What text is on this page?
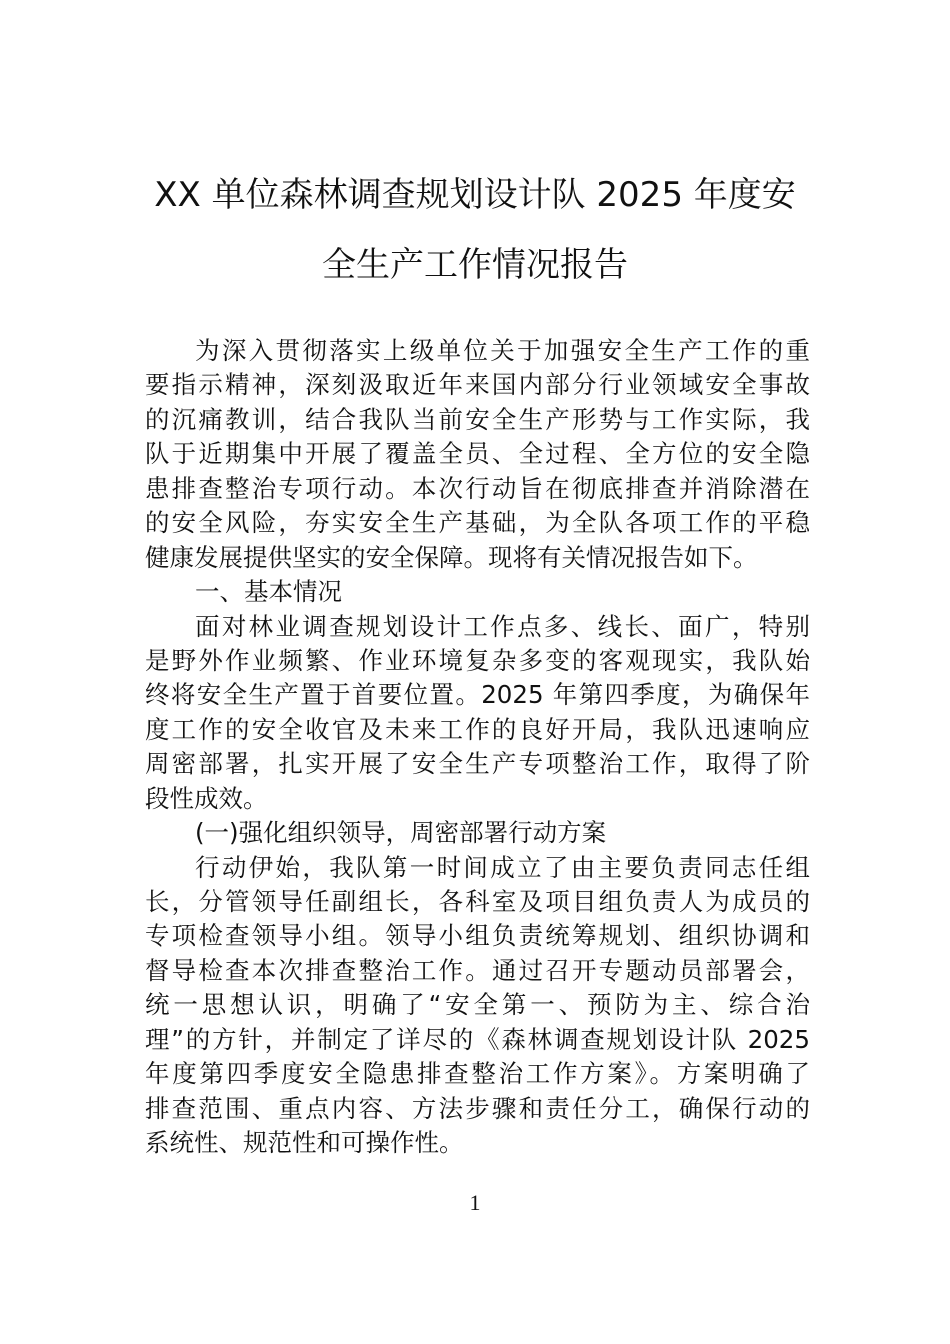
XX 单位森林调查规划设计队 2025 年度安
全生产工作情况报告
为深入贯彻落实上级单位关于加强安全生产工作的重
要指示精神，深刻汲取近年来国内部分行业领域安全事故
的沉痛教训，结合我队当前安全生产形势与工作实际，我
队于近期集中开展了覆盖全员、全过程、全方位的安全隐
患排查整治专项行动。本次行动旨在彻底排查并消除潜在
的安全风险，夯实安全生产基础，为全队各项工作的平稳
健康发展提供坚实的安全保障。现将有关情况报告如下。
一、基本情况
面对林业调查规划设计工作点多、线长、面广，特别
是野外作业频繁、作业环境复杂多变的客观现实，我队始
终将安全生产置于首要位置。2025 年第四季度，为确保年
度工作的安全收官及未来工作的良好开局，我队迅速响应
周密部署，扎实开展了安全生产专项整治工作，取得了阶
段性成效。
(一)强化组织领导，周密部署行动方案
行动伊始，我队第一时间成立了由主要负责同志任组
长，分管领导任副组长，各科室及项目组负责人为成员的
专项检查领导小组。领导小组负责统筹规划、组织协调和
督导检查本次排查整治工作。通过召开专题动员部署会，
统一思想认识，明确了“安全第一、预防为主、综合治
理”的方针，并制定了详尽的《森林调查规划设计队 2025
年度第四季度安全隐患排查整治工作方案》。方案明确了
排查范围、重点内容、方法步骤和责任分工，确保行动的
系统性、规范性和可操作性。
1
